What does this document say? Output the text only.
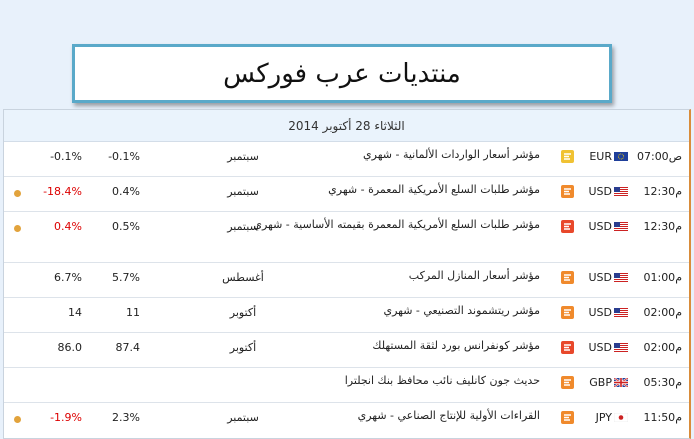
منتديات عرب فوركس
الثلاثاء 28 أكتوبر 2014
07:00ص
EUR
مؤشر أسعار الواردات الألمانية - شهري
سبتمبر
-0.1%
-0.1%
12:30م
USD
مؤشر طلبات السلع الأمريكية المعمرة - شهري
سبتمبر
0.4%
-18.4%
12:30م
USD
مؤشر طلبات السلع الأمريكية المعمرة بقيمته الأساسية - شهري
سبتمبر
0.5%
0.4%
01:00م
USD
مؤشر أسعار المنازل المركب
أغسطس
5.7%
6.7%
02:00م
USD
مؤشر ريتشموند التصنيعي - شهري
أكتوبر
11
14
02:00م
USD
مؤشر كونفرانس بورد لثقة المستهلك
أكتوبر
87.4
86.0
05:30م
GBP
حديث جون كانليف نائب محافظ بنك انجلترا
11:50م
JPY
القراءات الأولية للإنتاج الصناعي - شهري
سبتمبر
2.3%
-1.9%
